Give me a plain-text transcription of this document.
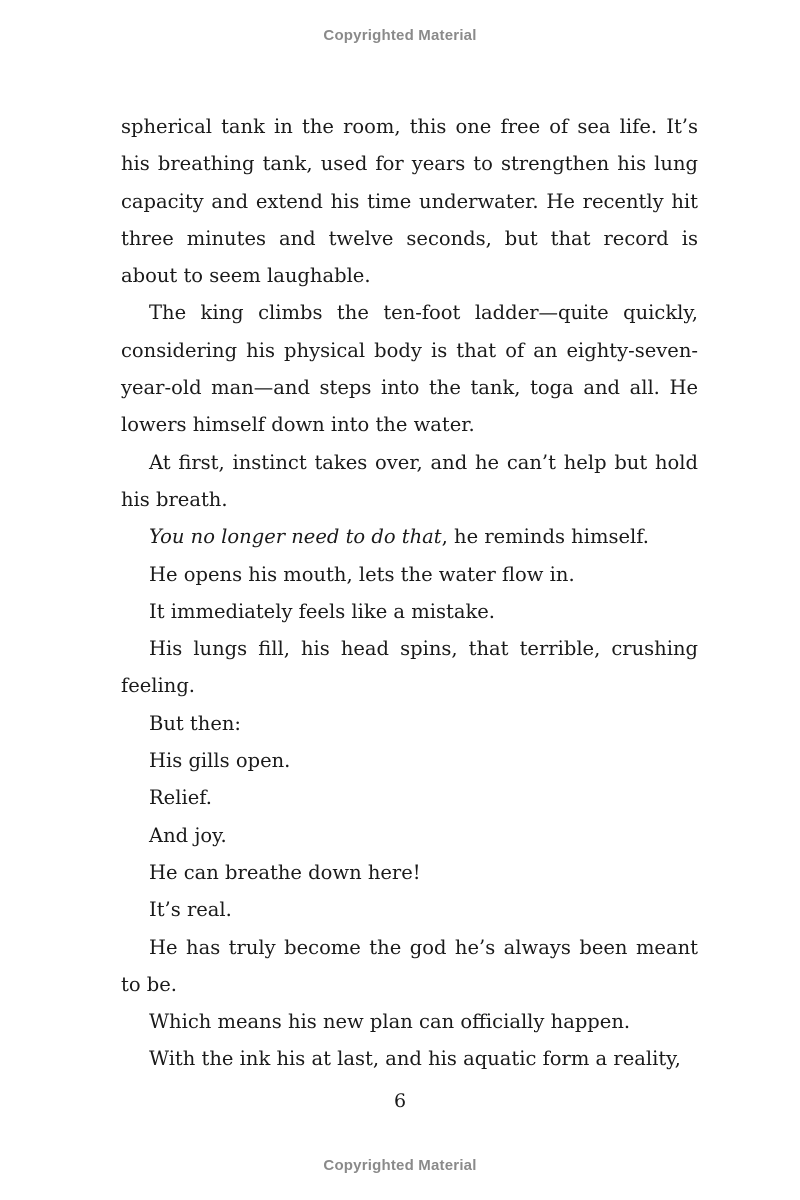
Copyrighted Material

spherical tank in the room, this one free of sea life. It’s his breathing tank, used for years to strengthen his lung capacity and extend his time underwater. He recently hit three minutes and twelve seconds, but that record is about to seem laughable.

The king climbs the ten-foot ladder—quite quickly, considering his physical body is that of an eighty-seven-year-old man—and steps into the tank, toga and all. He lowers himself down into the water.

At first, instinct takes over, and he can’t help but hold his breath.

You no longer need to do that, he reminds himself.

He opens his mouth, lets the water flow in.

It immediately feels like a mistake.

His lungs fill, his head spins, that terrible, crushing feeling.

But then:

His gills open.

Relief.

And joy.

He can breathe down here!

It’s real.

He has truly become the god he’s always been meant to be.

Which means his new plan can officially happen.

With the ink his at last, and his aquatic form a reality,

6
Copyrighted Material
